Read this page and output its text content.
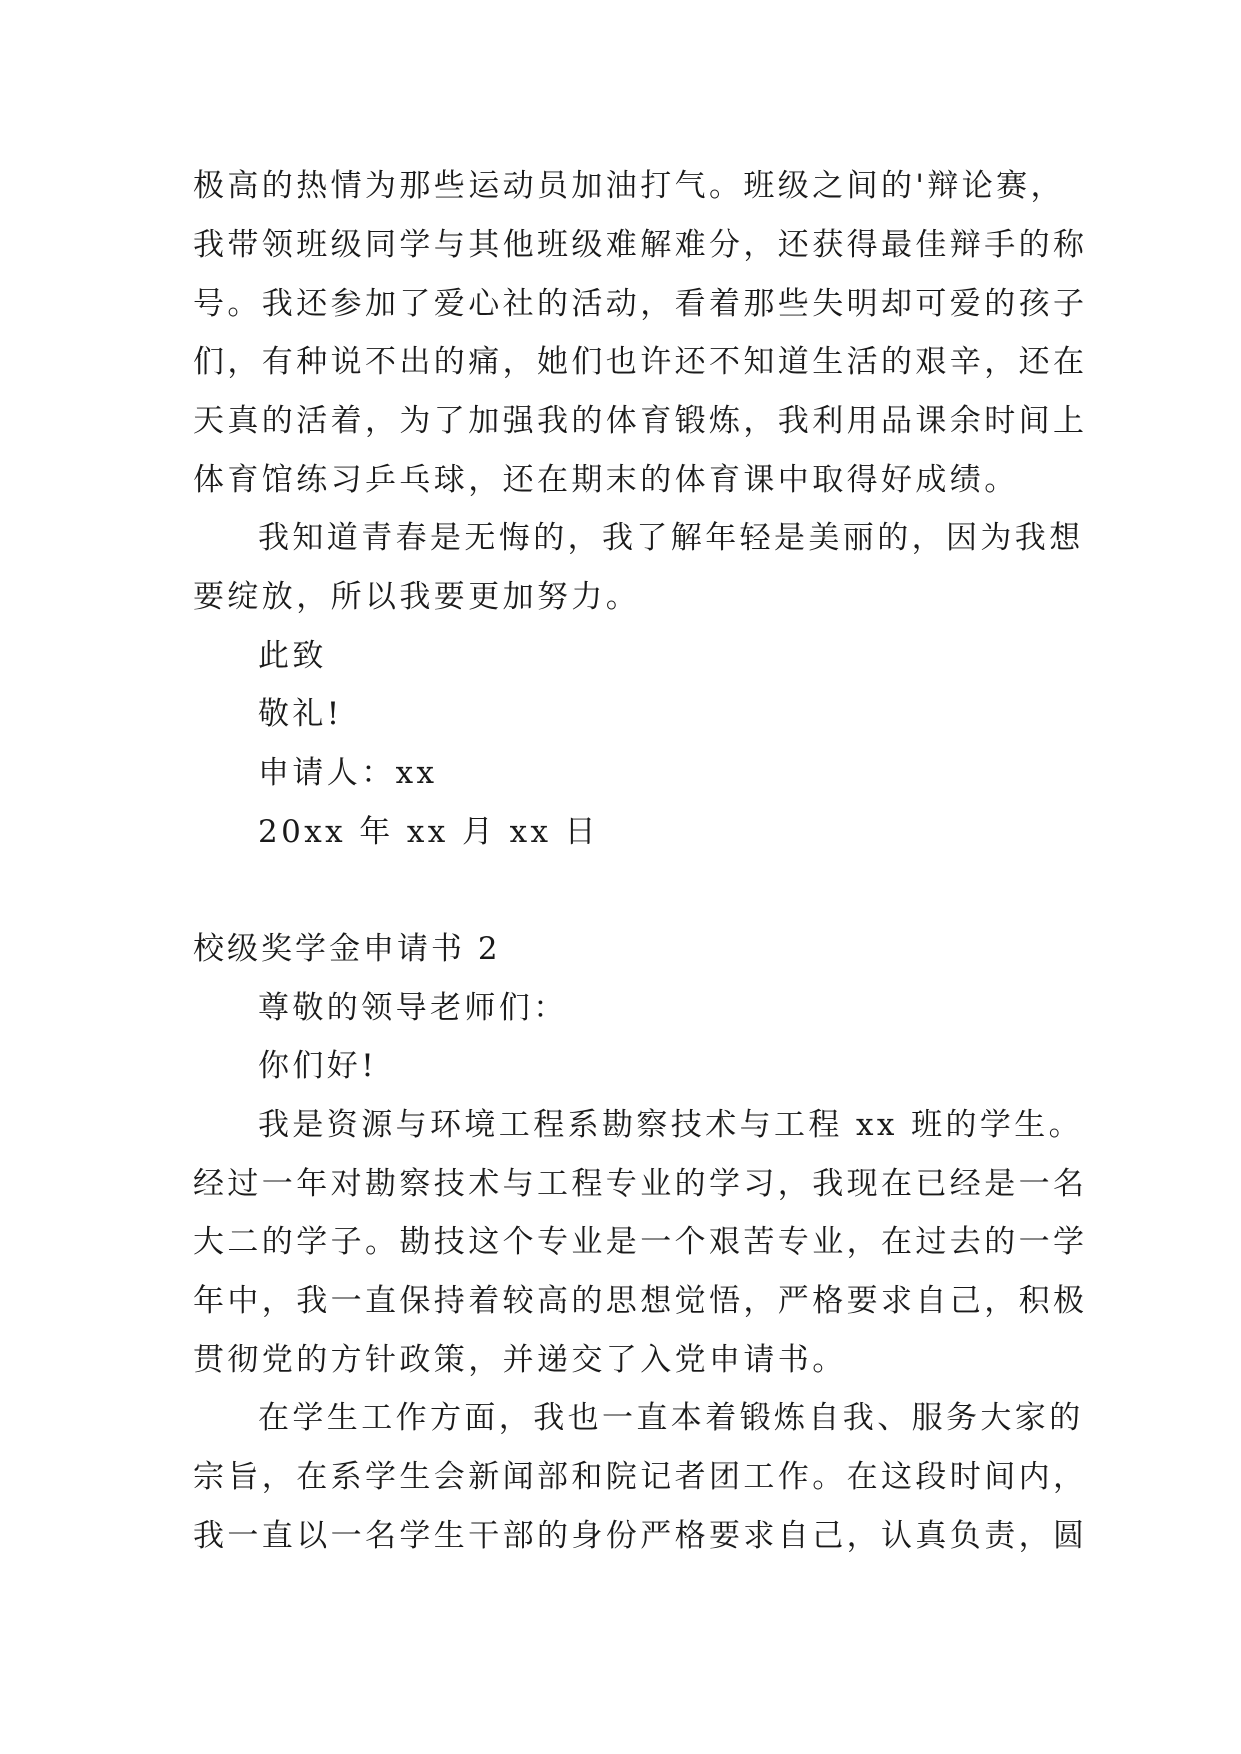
极高的热情为那些运动员加油打气。班级之间的'辩论赛，
我带领班级同学与其他班级难解难分，还获得最佳辩手的称
号。我还参加了爱心社的活动，看着那些失明却可爱的孩子
们，有种说不出的痛，她们也许还不知道生活的艰辛，还在
天真的活着，为了加强我的体育锻炼，我利用品课余时间上
体育馆练习乒乓球，还在期末的体育课中取得好成绩。
我知道青春是无悔的，我了解年轻是美丽的，因为我想
要绽放，所以我要更加努力。
此致
敬礼!
申请人：xx
20xx 年 xx 月 xx 日
校级奖学金申请书 2
尊敬的领导老师们：
你们好!
我是资源与环境工程系勘察技术与工程 xx 班的学生。
经过一年对勘察技术与工程专业的学习，我现在已经是一名
大二的学子。勘技这个专业是一个艰苦专业，在过去的一学
年中，我一直保持着较高的思想觉悟，严格要求自己，积极
贯彻党的方针政策，并递交了入党申请书。
在学生工作方面，我也一直本着锻炼自我、服务大家的
宗旨，在系学生会新闻部和院记者团工作。在这段时间内，
我一直以一名学生干部的身份严格要求自己，认真负责，圆
